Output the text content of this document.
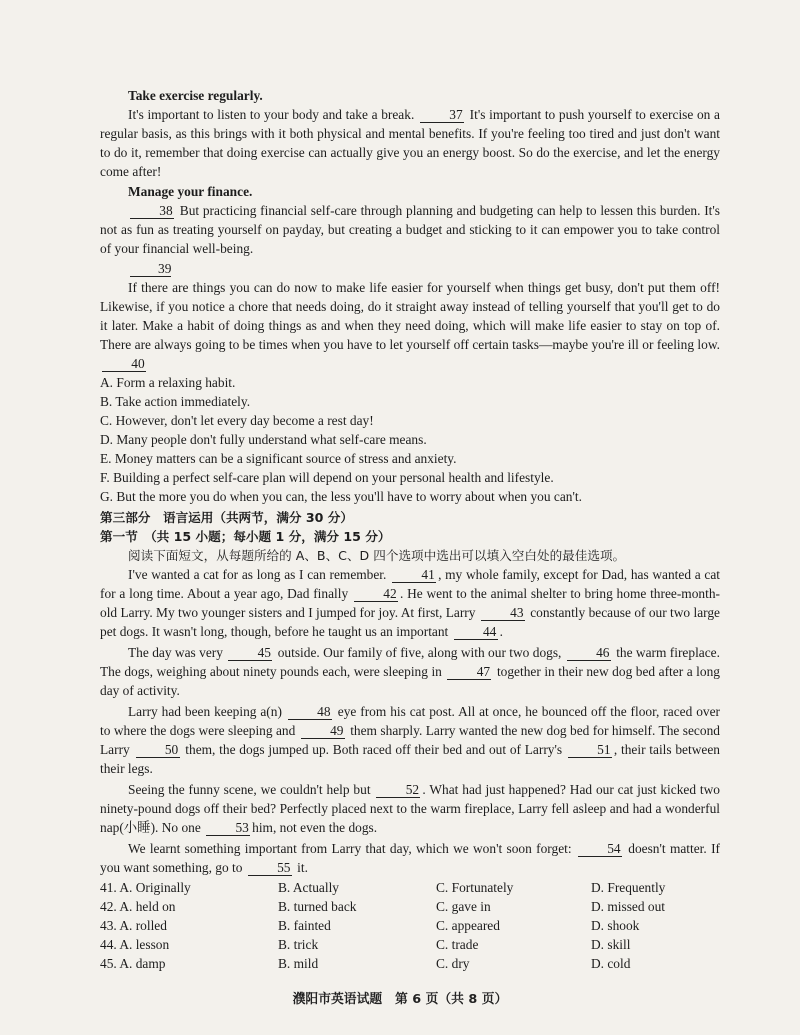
Take exercise regularly.

It's important to listen to your body and take a break.	37 It's important to push yourself to exercise on a regular basis, as this brings with it both physical and mental benefits. If you're feeling too tired and just don't want to do it, remember that doing exercise can actually give you an energy boost. So do the exercise, and let the energy come after!

Manage your finance.

38 But practicing financial self-care through planning and budgeting can help to lessen this burden. It's not as fun as treating yourself on payday, but creating a budget and sticking to it can empower you to take control of your financial well-being.

39

If there are things you can do now to make life easier for yourself when things get busy, don't put them off! Likewise, if you notice a chore that needs doing, do it straight away instead of telling yourself that you'll get to do it later. Make a habit of doing things as and when they need doing, which will make life easier to stay on top of. There are always going to be times when you have to let yourself off certain tasks—maybe you're ill or feeling low. 40

A. Form a relaxing habit.

B. Take action immediately.

C. However, don't let every day become a rest day!

D. Many people don't fully understand what self-care means.

E. Money matters can be a significant source of stress and anxiety.

F. Building a perfect self-care plan will depend on your personal health and lifestyle.

G. But the more you do when you can, the less you'll have to worry about when you can't.

第三部分　语言运用（共两节，满分 30 分）

第一节　（共 15 小题；每小题 1 分，满分 15 分）

阅读下面短文，从每题所给的 A、B、C、D 四个选项中选出可以填入空白处的最佳选项。

I've wanted a cat for as long as I can remember.	41 , my whole family, except for Dad, has wanted a cat for a long time. About a year ago, Dad finally	42 . He went to the animal shelter to bring home three-month-old Larry. My two younger sisters and I jumped for joy. At first, Larry	43 constantly because of our two large pet dogs. It wasn't long, though, before he taught us an important	44 .

The day was very	45 outside. Our family of five, along with our two dogs,	46 the warm fireplace. The dogs, weighing about ninety pounds each, were sleeping in	47 together in their new dog bed after a long day of activity.

Larry had been keeping a(n)	48 eye from his cat post. All at once, he bounced off the floor, raced over to where the dogs were sleeping and	49 them sharply. Larry wanted the new dog bed for himself. The second Larry	50 them, the dogs jumped up. Both raced off their bed and out of Larry's	51 , their tails between their legs.

Seeing the funny scene, we couldn't help but	52 . What had just happened? Had our cat just kicked two ninety-pound dogs off their bed? Perfectly placed next to the warm fireplace, Larry fell asleep and had a wonderful nap(小睡). No one	53 him, not even the dogs.

We learnt something important from Larry that day, which we won't soon forget:	54 doesn't matter. If you want something, go to	55 it.

41. A. Originally	B. Actually	C. Fortunately	D. Frequently

42. A. held on	B. turned back	C. gave in	D. missed out

43. A. rolled	B. fainted	C. appeared	D. shook

44. A. lesson	B. trick	C. trade	D. skill

45. A. damp	B. mild	C. dry	D. cold

濮阳市英语试题　第 6 页（共 8 页）
